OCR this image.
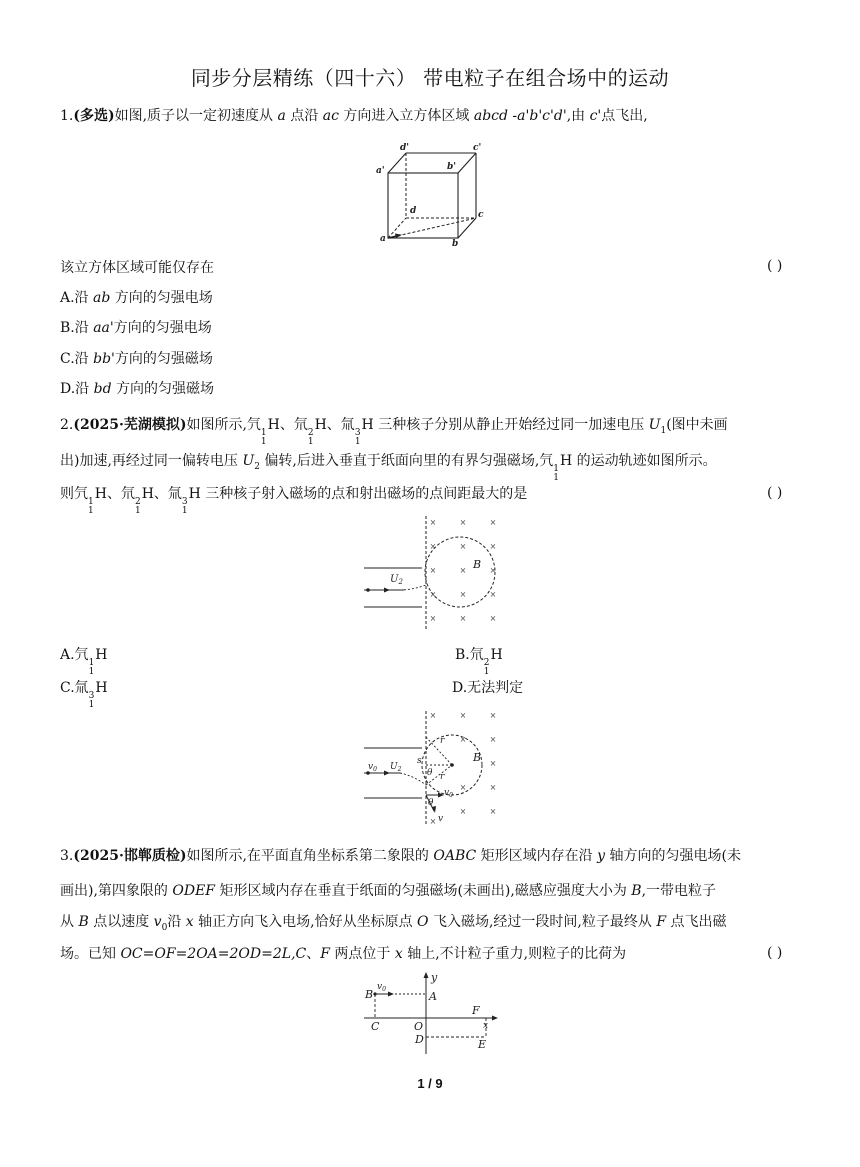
同步分层精练（四十六） 带电粒子在组合场中的运动
1.(多选)如图,质子以一定初速度从 a 点沿 ac 方向进入立方体区域 abcd -a'b'c'd',由 c'点飞出,
d'	c'
a'	b'
d	c
a	b
该立方体区域可能仅存在	( )
A.沿 ab 方向的匀强电场
B.沿 aa'方向的匀强电场
C.沿 bb'方向的匀强磁场
D.沿 bd 方向的匀强磁场
2.(2025·芜湖模拟)如图所示,氕 1
1
H、氘 2
1
H、氚 3
1
H 三种核子分别从静止开始经过同一加速电压 $U_1$(图中未画
出)加速,再经过同一偏转电压 $U_2$ 偏转,后进入垂直于纸面向里的有界匀强磁场,氕 1
1
H 的运动轨迹如图所示。
则氕 1
1
H、氘 2
1
H、氚 3
1
H 三种核子射入磁场的点和射出磁场的点间距最大的是	( )
×	×	×
×	×	×
×	×	×
×	×	×
×	×	×
$U_2$
B
A.氕 1
1
H	B.氘 2
1
H
C.氚 3
1
H	D.无法判定
×	×	×
×	×
×
×	×
×	×
×
$v_0$ $U_2$
s
r
r
θ
θ
$v_0$
v
B
3.(2025·邯郸质检)如图所示,在平面直角坐标系第二象限的 OABC 矩形区域内存在沿 y 轴方向的匀强电场(未
画出),第四象限的 ODEF 矩形区域内存在垂直于纸面的匀强磁场(未画出),磁感应强度大小为 B,一带电粒子
从 B 点以速度 $v_0$沿 x 轴正方向飞入电场,恰好从坐标原点 O 飞入磁场,经过一段时间,粒子最终从 F 点飞出磁
场。已知 OC=OF=2OA=2OD=2L,C、F 两点位于 x 轴上,不计粒子重力,则粒子的比荷为	( )
B
v0
A
y
C	O
F
x
D	E
1 / 9
